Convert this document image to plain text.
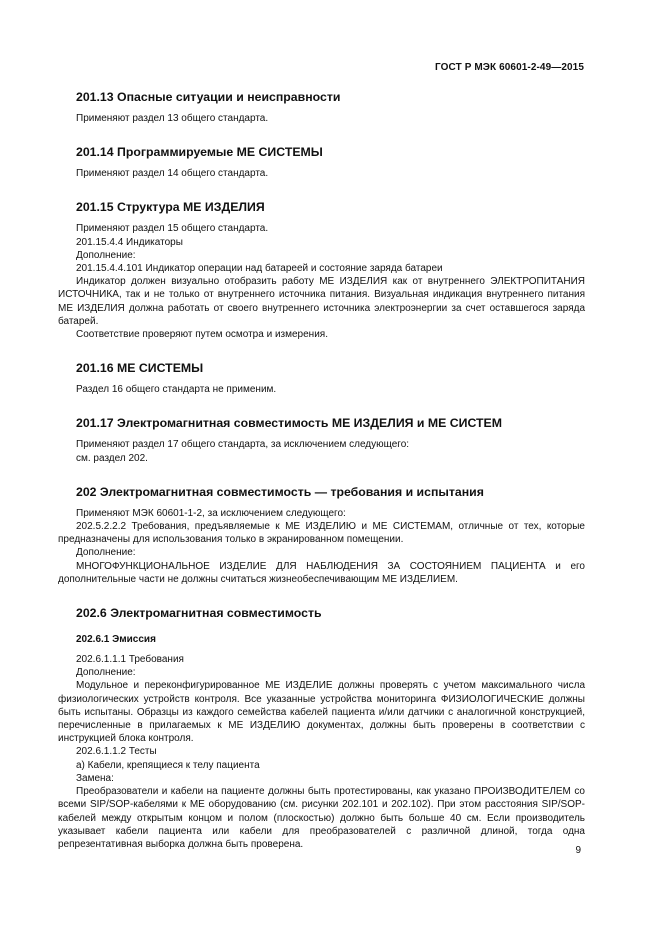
ГОСТ Р МЭК 60601-2-49—2015
201.13 Опасные ситуации и неисправности

Применяют раздел 13 общего стандарта.

201.14 Программируемые МЕ СИСТЕМЫ

Применяют раздел 14 общего стандарта.

201.15 Структура МЕ ИЗДЕЛИЯ

Применяют раздел 15 общего стандарта.

201.15.4.4 Индикаторы

Дополнение:

201.15.4.4.101 Индикатор операции над батареей и состояние заряда батареи

Индикатор должен визуально отобразить работу МЕ ИЗДЕЛИЯ как от внутреннего ЭЛЕКТРОПИТАНИЯ ИСТОЧНИКА, так и не только от внутреннего источника питания. Визуальная индикация внутреннего питания МЕ ИЗДЕЛИЯ должна работать от своего внутреннего источника электроэнергии за счет оставшегося заряда батарей.

Соответствие проверяют путем осмотра и измерения.

201.16 МЕ СИСТЕМЫ

Раздел 16 общего стандарта не применим.

201.17 Электромагнитная совместимость МЕ ИЗДЕЛИЯ и МЕ СИСТЕМ

Применяют раздел 17 общего стандарта, за исключением следующего:

см. раздел 202.

202 Электромагнитная совместимость — требования и испытания

Применяют МЭК 60601-1-2, за исключением следующего:

202.5.2.2.2 Требования, предъявляемые к МЕ ИЗДЕЛИЮ и МЕ СИСТЕМАМ, отличные от тех, которые предназначены для использования только в экранированном помещении.

Дополнение:

МНОГОФУНКЦИОНАЛЬНОЕ ИЗДЕЛИЕ ДЛЯ НАБЛЮДЕНИЯ ЗА СОСТОЯНИЕМ ПАЦИЕНТА и его дополнительные части не должны считаться жизнеобеспечивающим МЕ ИЗДЕЛИЕМ.

202.6 Электромагнитная совместимость
202.6.1 Эмиссия

202.6.1.1.1 Требования

Дополнение:

Модульное и переконфигурированное МЕ ИЗДЕЛИЕ должны проверять с учетом максимального числа физиологических устройств контроля. Все указанные устройства мониторинга ФИЗИОЛОГИЧЕСКИЕ должны быть испытаны. Образцы из каждого семейства кабелей пациента и/или датчики с аналогичной конструкцией, перечисленные в прилагаемых к МЕ ИЗДЕЛИЮ документах, должны быть проверены в соответствии с инструкцией блока контроля.

202.6.1.1.2 Тесты

а) Кабели, крепящиеся к телу пациента

Замена:

Преобразователи и кабели на пациенте должны быть протестированы, как указано ПРОИЗВОДИТЕЛЕМ со всеми SIP/SOP-кабелями к МЕ оборудованию (см. рисунки 202.101 и 202.102). При этом расстояния SIP/SOP-кабелей между открытым концом и полом (плоскостью) должно быть больше 40 см. Если производитель указывает кабели пациента или кабели для преобразователей с различной длиной, тогда одна репрезентативная выборка должна быть проверена.

9
